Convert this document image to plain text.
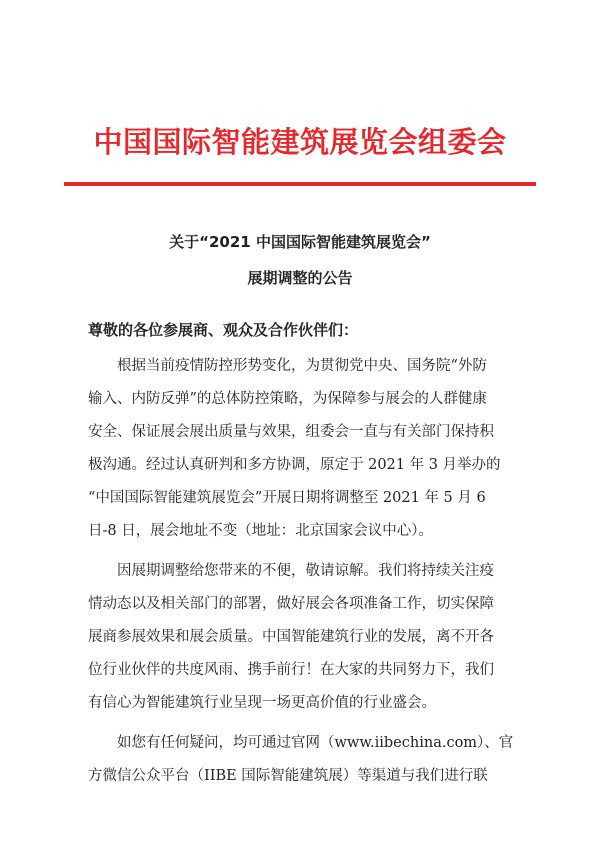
中国国际智能建筑展览会组委会
关于“2021 中国国际智能建筑展览会”
展期调整的公告
尊敬的各位参展商、观众及合作伙伴们：
根据当前疫情防控形势变化，为贯彻党中央、国务院“外防
输入、内防反弹”的总体防控策略，为保障参与展会的人群健康
安全、保证展会展出质量与效果，组委会一直与有关部门保持积
极沟通。经过认真研判和多方协调，原定于 2021 年 3 月举办的
“中国国际智能建筑展览会”开展日期将调整至 2021 年 5 月 6
日-8 日，展会地址不变（地址：北京国家会议中心）。
因展期调整给您带来的不便，敬请谅解。我们将持续关注疫
情动态以及相关部门的部署，做好展会各项准备工作，切实保障
展商参展效果和展会质量。中国智能建筑行业的发展，离不开各
位行业伙伴的共度风雨、携手前行！在大家的共同努力下，我们
有信心为智能建筑行业呈现一场更高价值的行业盛会。
如您有任何疑问，均可通过官网（www.iibechina.com）、官
方微信公众平台（IIBE 国际智能建筑展）等渠道与我们进行联
